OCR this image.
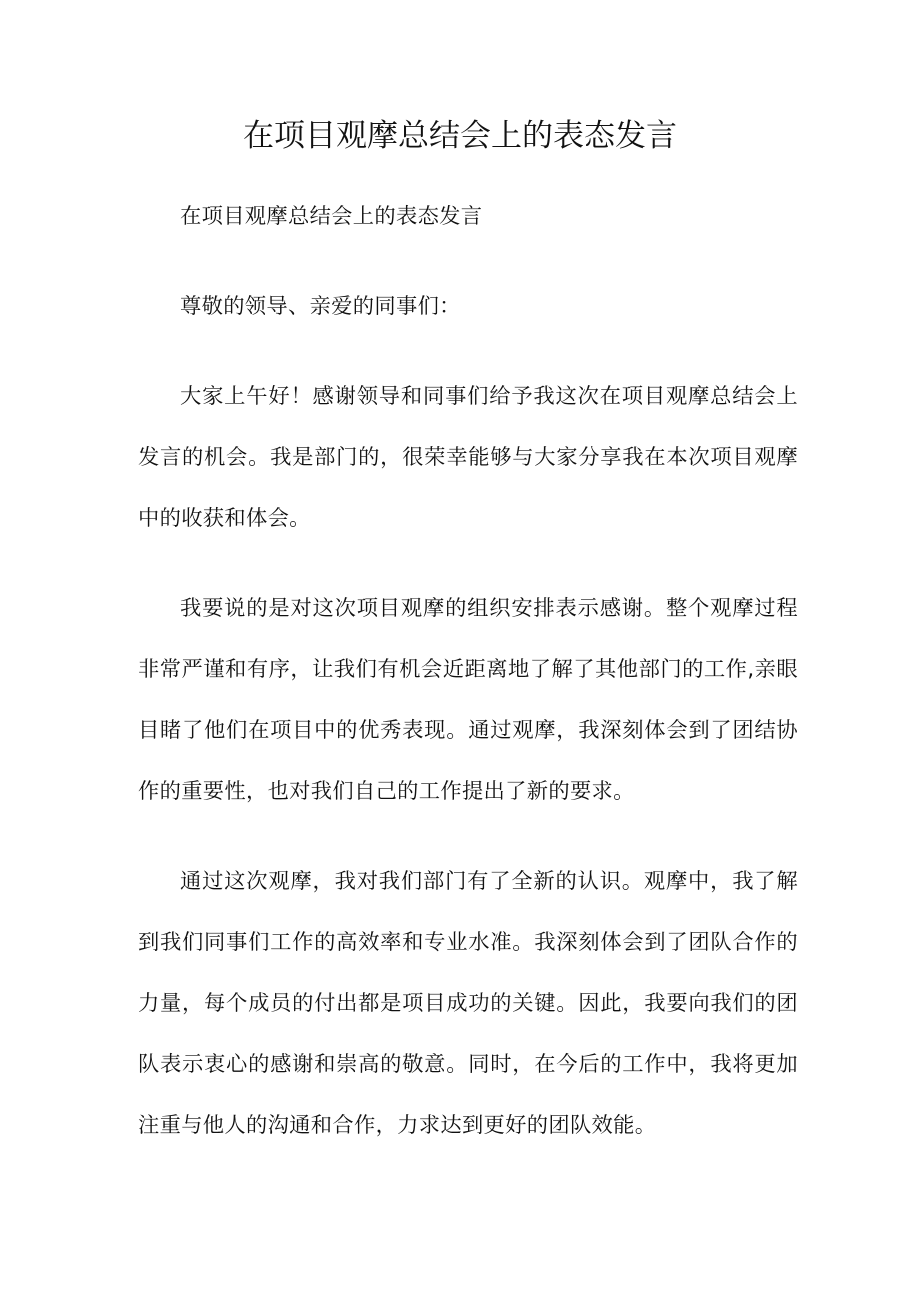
在项目观摩总结会上的表态发言

在项目观摩总结会上的表态发言

尊敬的领导、亲爱的同事们：

大家上午好！感谢领导和同事们给予我这次在项目观摩总结会上发言的机会。我是部门的，很荣幸能够与大家分享我在本次项目观摩中的收获和体会。

我要说的是对这次项目观摩的组织安排表示感谢。整个观摩过程非常严谨和有序，让我们有机会近距离地了解了其他部门的工作,亲眼目睹了他们在项目中的优秀表现。通过观摩，我深刻体会到了团结协作的重要性，也对我们自己的工作提出了新的要求。

通过这次观摩，我对我们部门有了全新的认识。观摩中，我了解到我们同事们工作的高效率和专业水准。我深刻体会到了团队合作的力量，每个成员的付出都是项目成功的关键。因此，我要向我们的团队表示衷心的感谢和崇高的敬意。同时，在今后的工作中，我将更加注重与他人的沟通和合作，力求达到更好的团队效能。
